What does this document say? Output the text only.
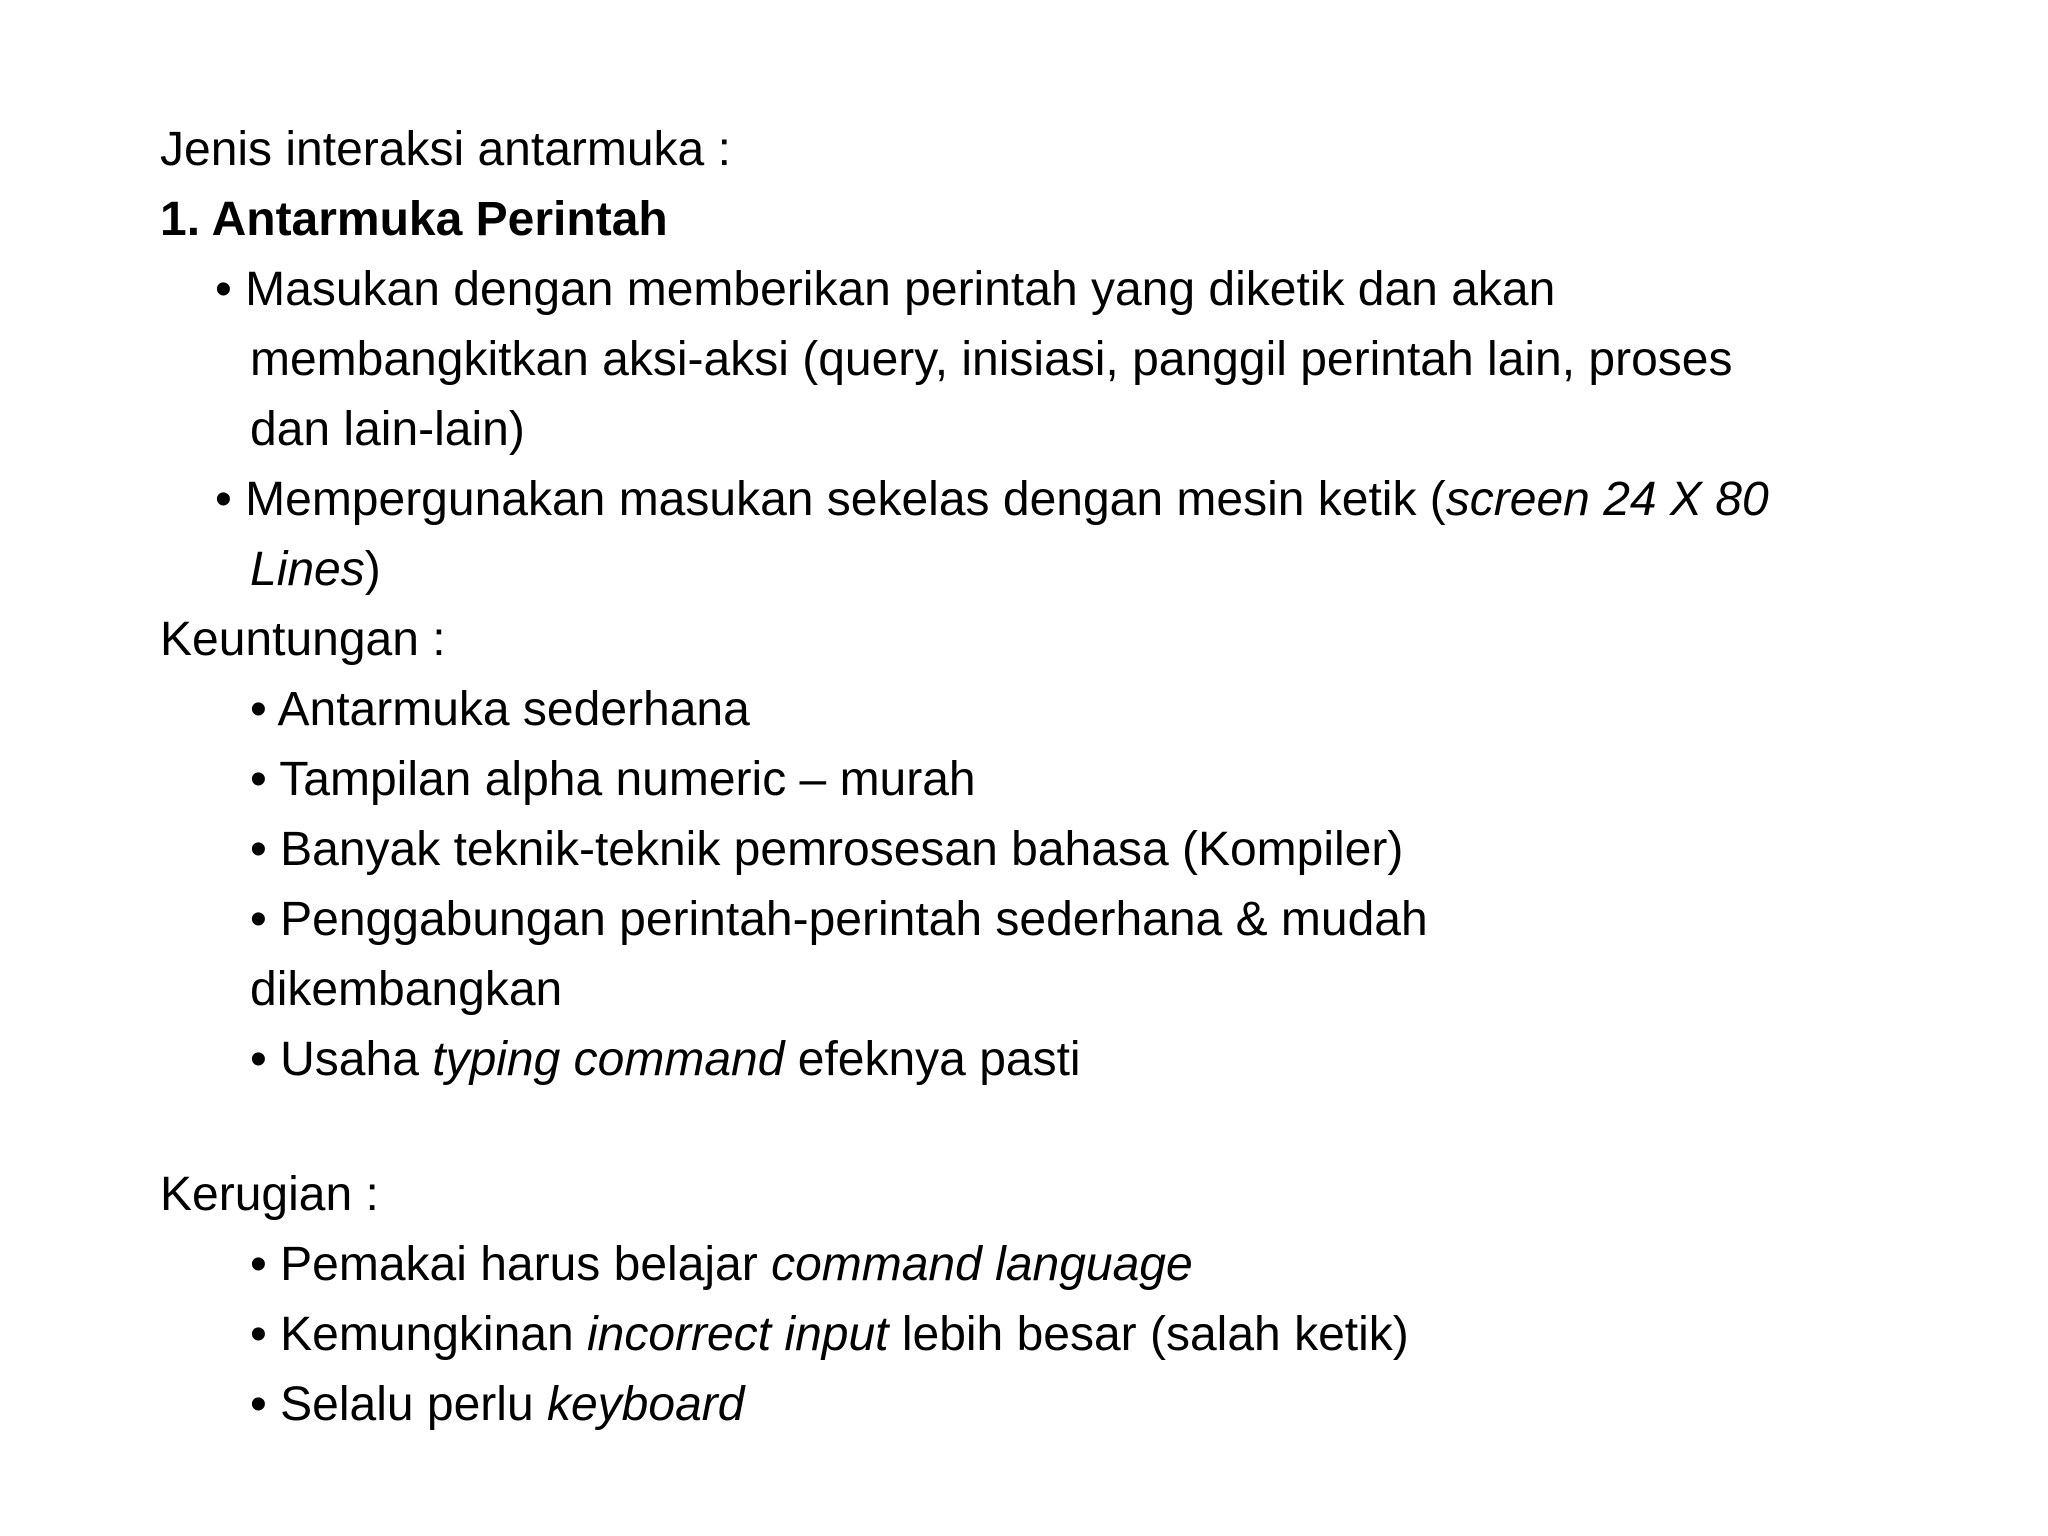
Jenis interaksi antarmuka :
1. Antarmuka Perintah
• Masukan dengan memberikan perintah yang diketik dan akan
membangkitkan aksi-aksi (query, inisiasi, panggil perintah lain, proses
dan lain-lain)
• Mempergunakan masukan sekelas dengan mesin ketik (screen 24 X 80
Lines)
Keuntungan :
• Antarmuka sederhana
• Tampilan alpha numeric – murah
• Banyak teknik-teknik pemrosesan bahasa (Kompiler)
• Penggabungan perintah-perintah sederhana & mudah
dikembangkan
• Usaha typing command efeknya pasti
Kerugian :
• Pemakai harus belajar command language
• Kemungkinan incorrect input lebih besar (salah ketik)
• Selalu perlu keyboard
